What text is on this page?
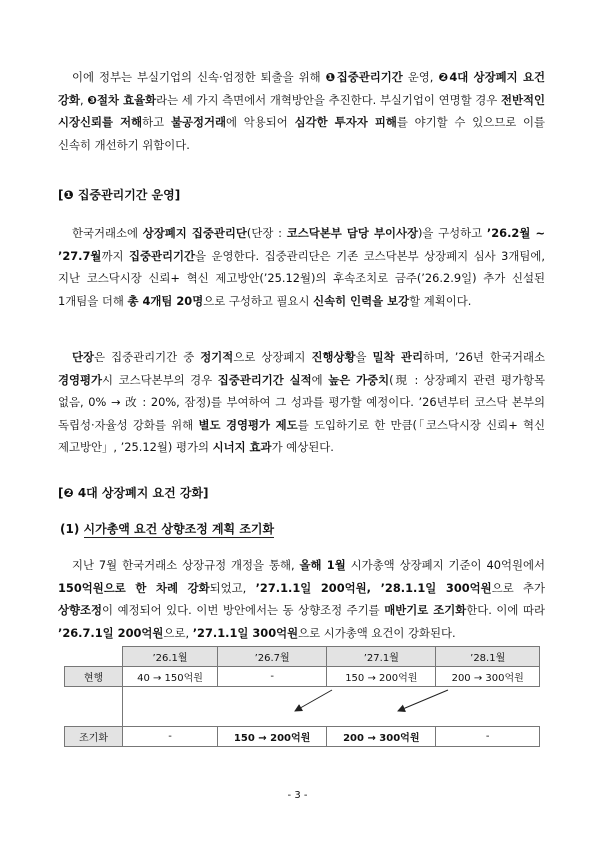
이에 정부는 부실기업의 신속·엄정한 퇴출을 위해 ❶집중관리기간 운영, ❷4대 상장폐지 요건 강화, ❸절차 효율화라는 세 가지 측면에서 개혁방안을 추진한다. 부실기업이 연명할 경우 전반적인 시장신뢰를 저해하고 불공정거래에 악용되어 심각한 투자자 피해를 야기할 수 있으므로 이를 신속히 개선하기 위함이다.

[❶ 집중관리기간 운영]

한국거래소에 상장폐지 집중관리단(단장 : 코스닥본부 담당 부이사장)을 구성하고 ’26.2월 ~ ’27.7월까지 집중관리기간을 운영한다. 집중관리단은 기존 코스닥본부 상장폐지 심사 3개팀에, 지난 코스닥시장 신뢰+ 혁신 제고방안(’25.12월)의 후속조치로 금주(’26.2.9일) 추가 신설된 1개팀을 더해 총 4개팀 20명으로 구성하고 필요시 신속히 인력을 보강할 계획이다.

단장은 집중관리기간 중 정기적으로 상장폐지 진행상황을 밀착 관리하며, ’26년 한국거래소 경영평가시 코스닥본부의 경우 집중관리기간 실적에 높은 가중치(現 : 상장폐지 관련 평가항목 없음, 0% → 改 : 20%, 잠정)를 부여하여 그 성과를 평가할 예정이다. ’26년부터 코스닥 본부의 독립성·자율성 강화를 위해 별도 경영평가 제도를 도입하기로 한 만큼(「코스닥시장 신뢰+ 혁신 제고방안」, ’25.12월) 평가의 시너지 효과가 예상된다.

[❷ 4대 상장폐지 요건 강화]
(1) 시가총액 요건 상향조정 계획 조기화

지난 7월 한국거래소 상장규정 개정을 통해, 올해 1월 시가총액 상장폐지 기준이 40억원에서 150억원으로 한 차례 강화되었고, ’27.1.1일 200억원, ’28.1.1일 300억원으로 추가 상향조정이 예정되어 있다. 이번 방안에서는 동 상향조정 주기를 매반기로 조기화한다. 이에 따라 ’26.7.1일 200억원으로, ’27.1.1일 300억원으로 시가총액 요건이 강화된다.

	’26.1월	’26.7월	’27.1월	’28.1월
현행	40 → 150억원	-	150 → 200억원	200 → 300억원

조기화	-	150 → 200억원	200 → 300억원	-
- 3 -
